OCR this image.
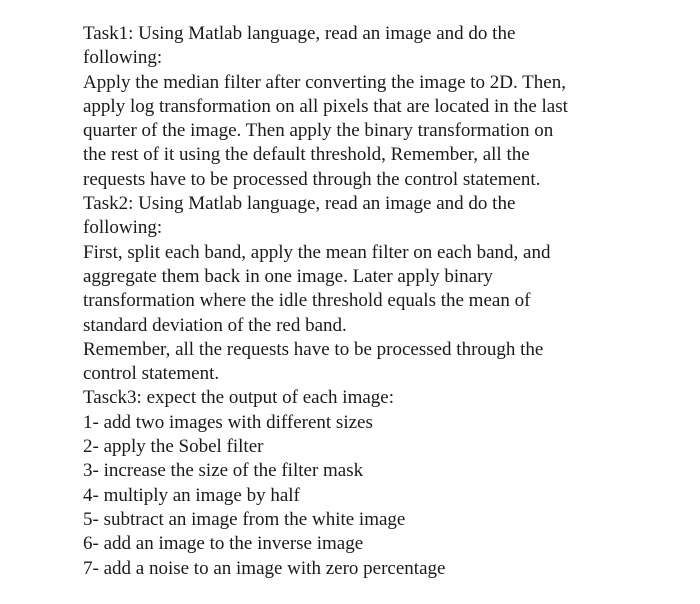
Task1: Using Matlab language, read an image and do the
following:
Apply the median filter after converting the image to 2D. Then,
apply log transformation on all pixels that are located in the last
quarter of the image. Then apply the binary transformation on
the rest of it using the default threshold, Remember, all the
requests have to be processed through the control statement.
Task2: Using Matlab language, read an image and do the
following:
First, split each band, apply the mean filter on each band, and
aggregate them back in one image. Later apply binary
transformation where the idle threshold equals the mean of
standard deviation of the red band.
Remember, all the requests have to be processed through the
control statement.
Tasck3: expect the output of each image:
1- add two images with different sizes
2- apply the Sobel filter
3- increase the size of the filter mask
4- multiply an image by half
5- subtract an image from the white image
6- add an image to the inverse image
7- add a noise to an image with zero percentage
